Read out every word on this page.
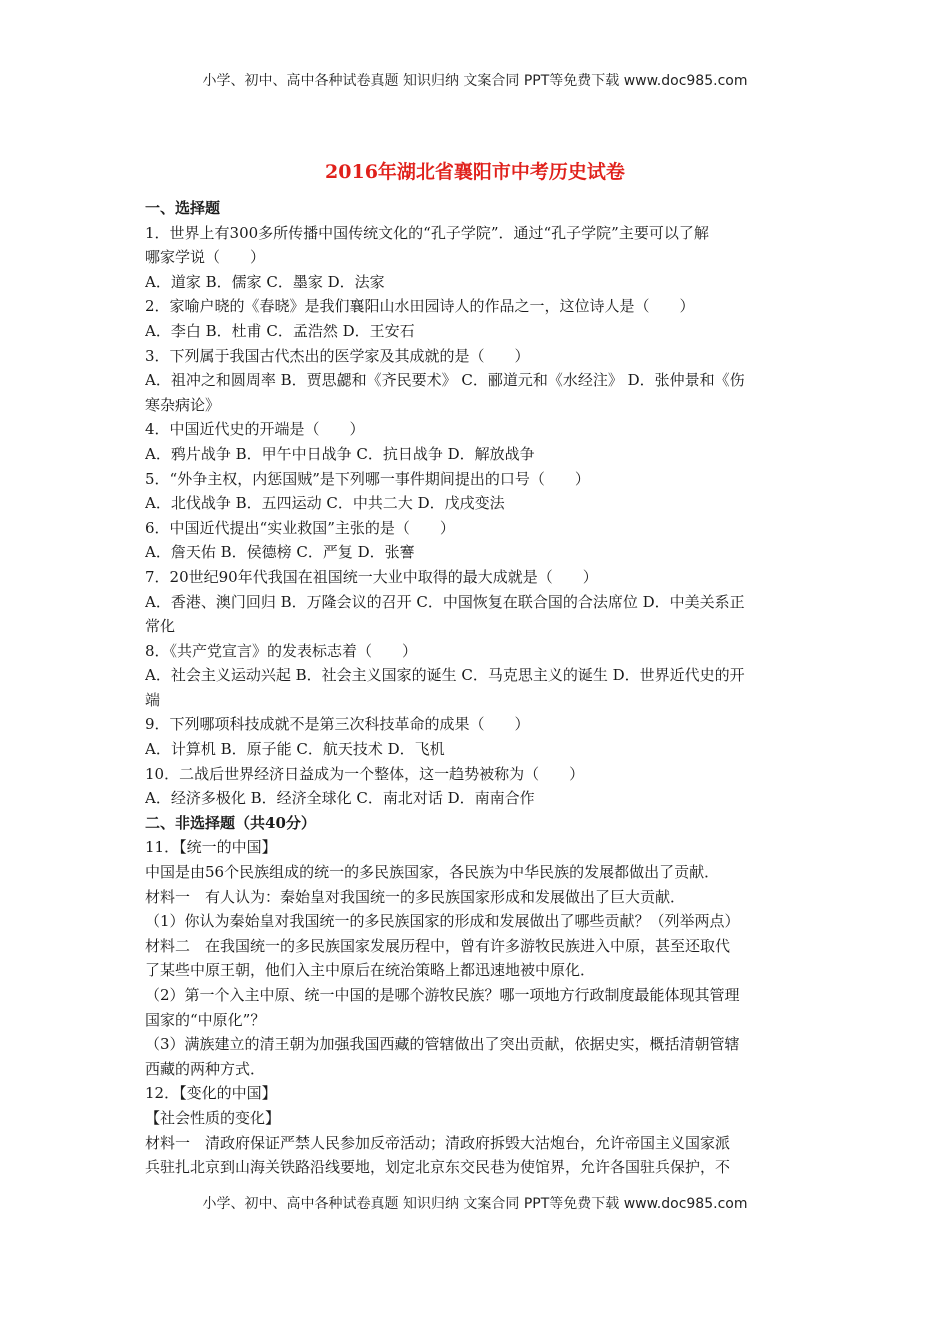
小学、初中、高中各种试卷真题 知识归纳 文案合同 PPT等免费下载 www.doc985.com
2016年湖北省襄阳市中考历史试卷
一、选择题
1．世界上有300多所传播中国传统文化的“孔子学院”．通过“孔子学院”主要可以了解
哪家学说（　　）
A．道家 B．儒家 C．墨家 D．法家
2．家喻户晓的《春晓》是我们襄阳山水田园诗人的作品之一，这位诗人是（　　）
A．李白 B．杜甫 C．孟浩然 D．王安石
3．下列属于我国古代杰出的医学家及其成就的是（　　）
A．祖冲之和圆周率 B．贾思勰和《齐民要术》 C．郦道元和《水经注》 D．张仲景和《伤
寒杂病论》
4．中国近代史的开端是（　　）
A．鸦片战争 B．甲午中日战争 C．抗日战争 D．解放战争
5．“外争主权，内惩国贼”是下列哪一事件期间提出的口号（　　）
A．北伐战争 B．五四运动 C．中共二大 D．戊戌变法
6．中国近代提出“实业救国”主张的是（　　）
A．詹天佑 B．侯德榜 C．严复 D．张謇
7．20世纪90年代我国在祖国统一大业中取得的最大成就是（　　）
A．香港、澳门回归 B．万隆会议的召开 C．中国恢复在联合国的合法席位 D．中美关系正
常化
8．《共产党宣言》的发表标志着（　　）
A．社会主义运动兴起 B．社会主义国家的诞生 C．马克思主义的诞生 D．世界近代史的开
端
9．下列哪项科技成就不是第三次科技革命的成果（　　）
A．计算机 B．原子能 C．航天技术 D．飞机
10．二战后世界经济日益成为一个整体，这一趋势被称为（　　）
A．经济多极化 B．经济全球化 C．南北对话 D．南南合作
二、非选择题（共40分）
11．【统一的中国】
中国是由56个民族组成的统一的多民族国家，各民族为中华民族的发展都做出了贡献．
材料一　有人认为：秦始皇对我国统一的多民族国家形成和发展做出了巨大贡献．
（1）你认为秦始皇对我国统一的多民族国家的形成和发展做出了哪些贡献？（列举两点）
材料二　在我国统一的多民族国家发展历程中，曾有许多游牧民族进入中原，甚至还取代
了某些中原王朝，他们入主中原后在统治策略上都迅速地被中原化．
（2）第一个入主中原、统一中国的是哪个游牧民族？哪一项地方行政制度最能体现其管理
国家的“中原化”？
（3）满族建立的清王朝为加强我国西藏的管辖做出了突出贡献，依据史实，概括清朝管辖
西藏的两种方式．
12．【变化的中国】
【社会性质的变化】
材料一　清政府保证严禁人民参加反帝活动；清政府拆毁大沽炮台，允许帝国主义国家派
兵驻扎北京到山海关铁路沿线要地，划定北京东交民巷为使馆界，允许各国驻兵保护，不
小学、初中、高中各种试卷真题 知识归纳 文案合同 PPT等免费下载 www.doc985.com
